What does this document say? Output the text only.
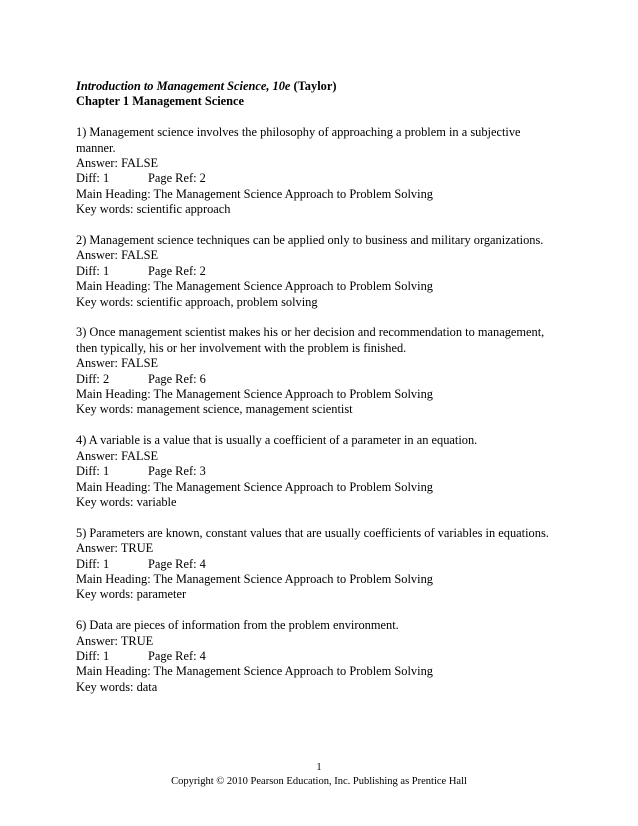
Introduction to Management Science, 10e (Taylor)
Chapter 1 Management Science
1) Management science involves the philosophy of approaching a problem in a subjective manner.
Answer: FALSE
Diff: 1	Page Ref: 2
Main Heading: The Management Science Approach to Problem Solving
Key words: scientific approach
2) Management science techniques can be applied only to business and military organizations.
Answer: FALSE
Diff: 1	Page Ref: 2
Main Heading: The Management Science Approach to Problem Solving
Key words: scientific approach, problem solving
3) Once management scientist makes his or her decision and recommendation to management, then typically, his or her involvement with the problem is finished.
Answer: FALSE
Diff: 2	Page Ref: 6
Main Heading: The Management Science Approach to Problem Solving
Key words: management science, management scientist
4) A variable is a value that is usually a coefficient of a parameter in an equation.
Answer: FALSE
Diff: 1	Page Ref: 3
Main Heading: The Management Science Approach to Problem Solving
Key words: variable
5) Parameters are known, constant values that are usually coefficients of variables in equations.
Answer: TRUE
Diff: 1	Page Ref: 4
Main Heading: The Management Science Approach to Problem Solving
Key words: parameter
6) Data are pieces of information from the problem environment.
Answer: TRUE
Diff: 1	Page Ref: 4
Main Heading: The Management Science Approach to Problem Solving
Key words: data
1
Copyright © 2010 Pearson Education, Inc. Publishing as Prentice Hall
